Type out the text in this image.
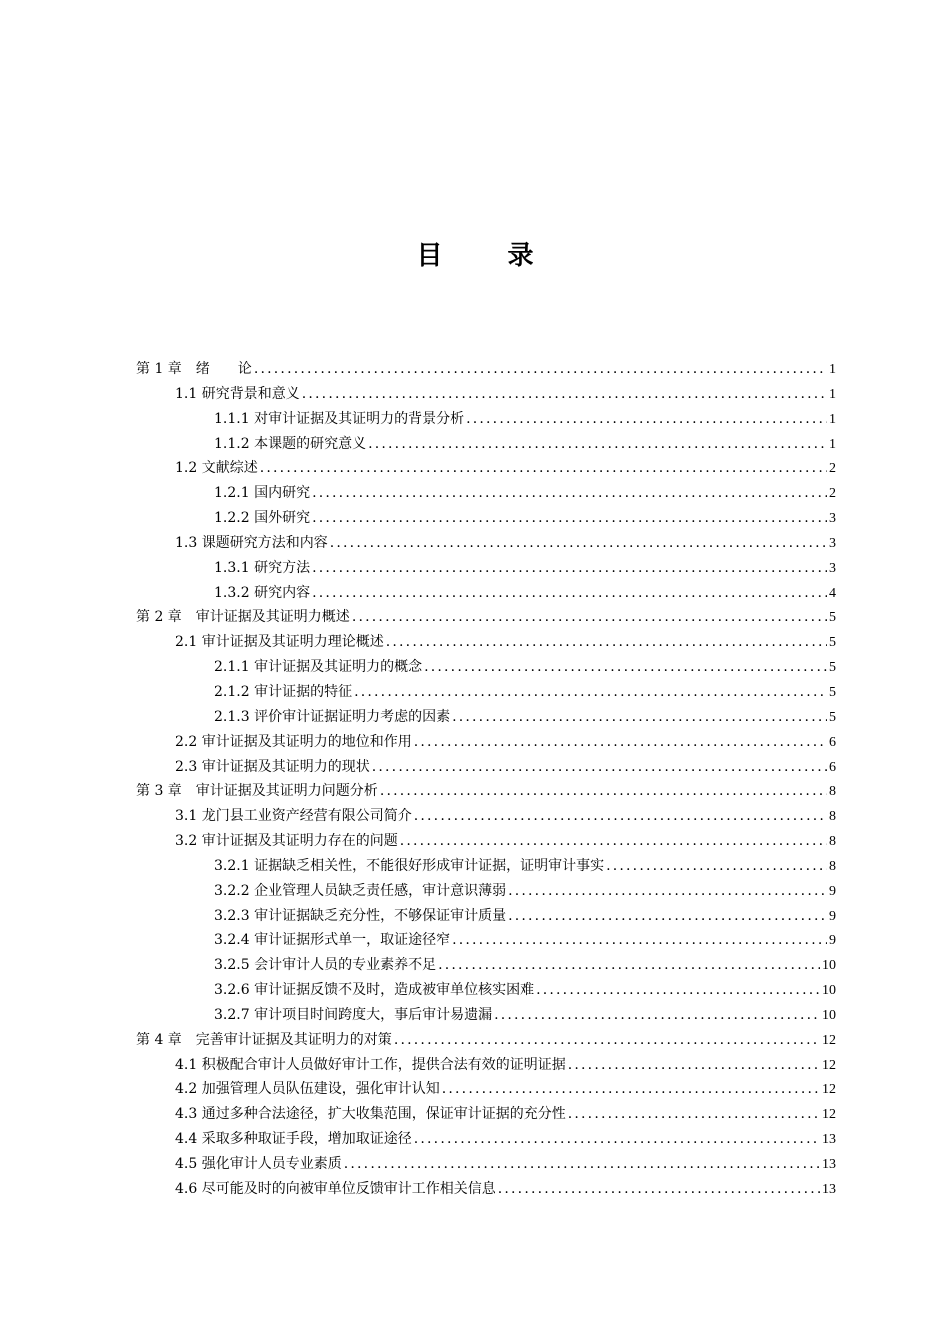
目 录
第 1 章　绪　　论 .....	1
1.1 研究背景和意义 .....	1
1.1.1 对审计证据及其证明力的背景分析 .....	1
1.1.2 本课题的研究意义 .....	1
1.2 文献综述 .....	2
1.2.1 国内研究 .....	2
1.2.2 国外研究 .....	3
1.3 课题研究方法和内容 .....	3
1.3.1 研究方法 .....	3
1.3.2 研究内容 .....	4
第 2 章　审计证据及其证明力概述 .....	5
2.1 审计证据及其证明力理论概述 .....	5
2.1.1 审计证据及其证明力的概念 .....	5
2.1.2 审计证据的特征 .....	5
2.1.3 评价审计证据证明力考虑的因素 .....	5
2.2 审计证据及其证明力的地位和作用 .....	6
2.3 审计证据及其证明力的现状 .....	6
第 3 章　审计证据及其证明力问题分析 .....	8
3.1 龙门县工业资产经营有限公司简介 .....	8
3.2 审计证据及其证明力存在的问题 .....	8
3.2.1 证据缺乏相关性，不能很好形成审计证据，证明审计事实 .....	8
3.2.2 企业管理人员缺乏责任感，审计意识薄弱 .....	9
3.2.3 审计证据缺乏充分性，不够保证审计质量 .....	9
3.2.4 审计证据形式单一，取证途径窄 .....	9
3.2.5 会计审计人员的专业素养不足 .....	10
3.2.6 审计证据反馈不及时，造成被审单位核实困难 .....	10
3.2.7 审计项目时间跨度大，事后审计易遗漏 .....	10
第 4 章　完善审计证据及其证明力的对策 .....	12
4.1 积极配合审计人员做好审计工作，提供合法有效的证明证据 .....	12
4.2 加强管理人员队伍建设，强化审计认知 .....	12
4.3 通过多种合法途径，扩大收集范围，保证审计证据的充分性 .....	12
4.4 采取多种取证手段，增加取证途径 .....	13
4.5 强化审计人员专业素质 .....	13
4.6 尽可能及时的向被审单位反馈审计工作相关信息 .....	13
